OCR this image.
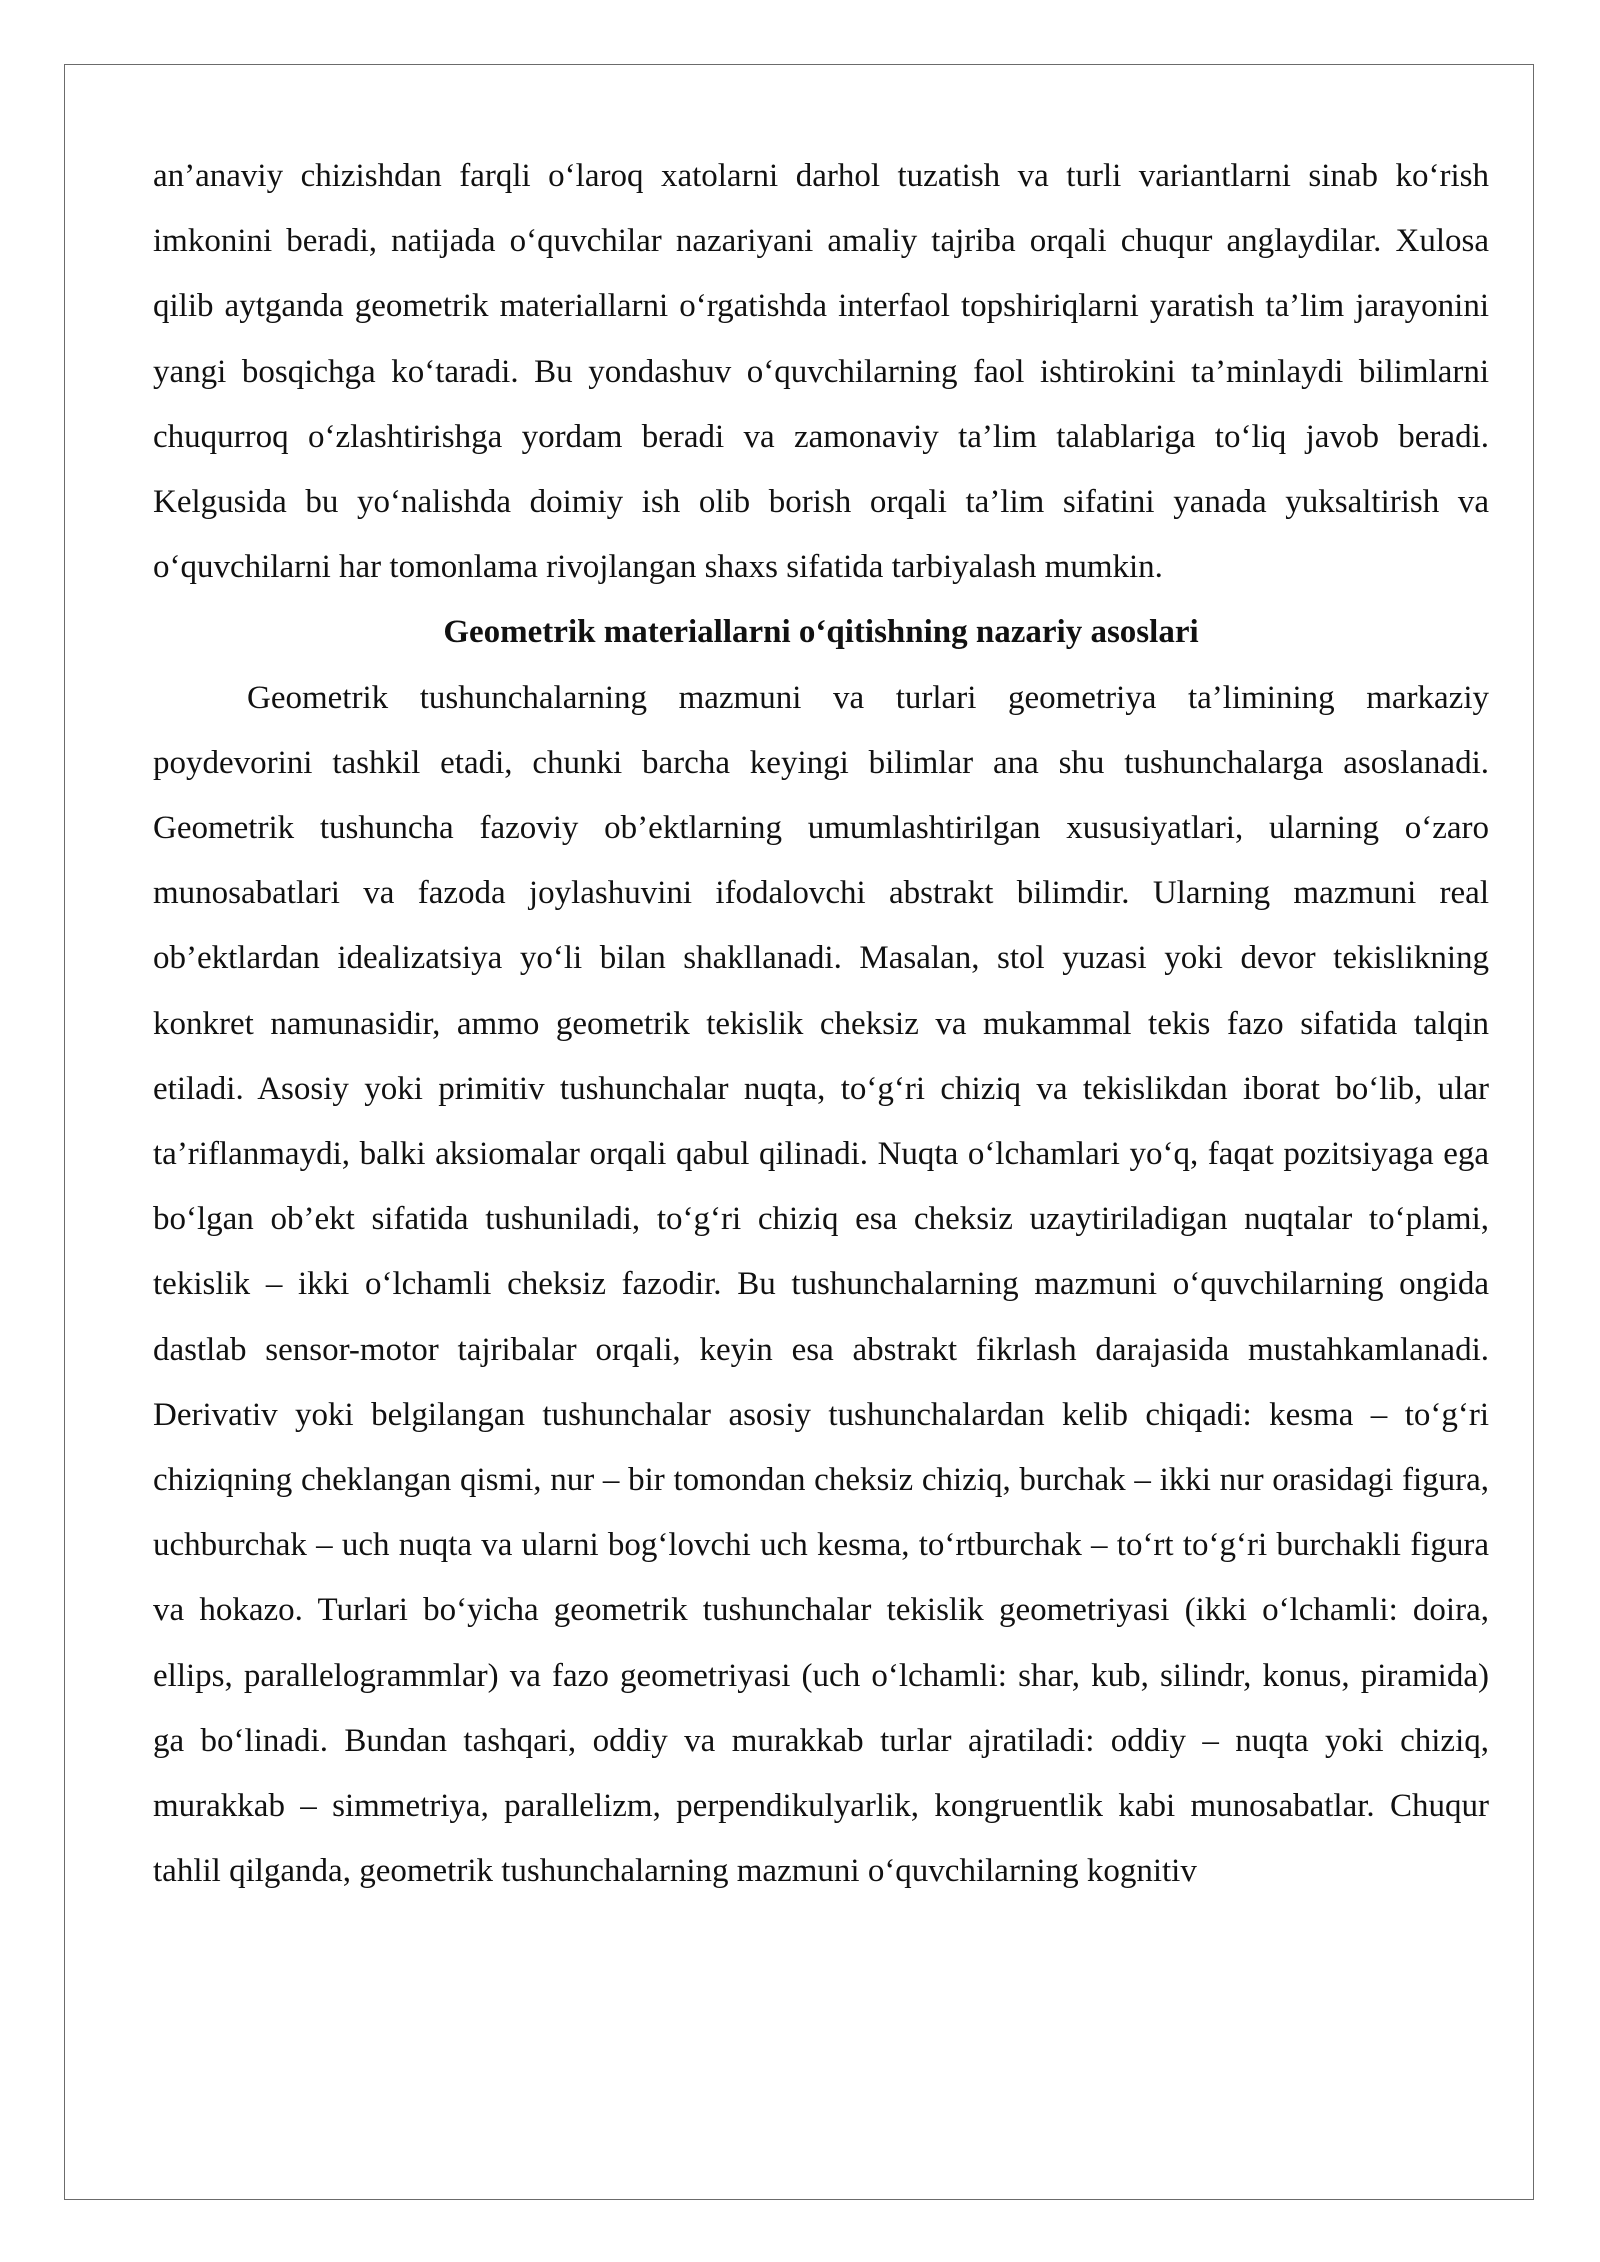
an’anaviy chizishdan farqli o‘laroq xatolarni darhol tuzatish va turli variantlarni sinab ko‘rish imkonini beradi, natijada o‘quvchilar nazariyani amaliy tajriba orqali chuqur anglaydilar. Xulosa qilib aytganda geometrik materiallarni o‘rgatishda interfaol topshiriqlarni yaratish ta’lim jarayonini yangi bosqichga ko‘taradi. Bu yondashuv o‘quvchilarning faol ishtirokini ta’minlaydi bilimlarni chuqurroq o‘zlashtirishga yordam beradi va zamonaviy ta’lim talablariga to‘liq javob beradi. Kelgusida bu yo‘nalishda doimiy ish olib borish orqali ta’lim sifatini yanada yuksaltirish va o‘quvchilarni har tomonlama rivojlangan shaxs sifatida tarbiyalash mumkin.

Geometrik materiallarni o‘qitishning nazariy asoslari

Geometrik tushunchalarning mazmuni va turlari geometriya ta’limining markaziy poydevorini tashkil etadi, chunki barcha keyingi bilimlar ana shu tushunchalarga asoslanadi. Geometrik tushuncha fazoviy ob’ektlarning umumlashtirilgan xususiyatlari, ularning o‘zaro munosabatlari va fazoda joylashuvini ifodalovchi abstrakt bilimdir. Ularning mazmuni real ob’ektlardan idealizatsiya yo‘li bilan shakllanadi. Masalan, stol yuzasi yoki devor tekislikning konkret namunasidir, ammo geometrik tekislik cheksiz va mukammal tekis fazo sifatida talqin etiladi. Asosiy yoki primitiv tushunchalar nuqta, to‘g‘ri chiziq va tekislikdan iborat bo‘lib, ular ta’riflanmaydi, balki aksiomalar orqali qabul qilinadi. Nuqta o‘lchamlari yo‘q, faqat pozitsiyaga ega bo‘lgan ob’ekt sifatida tushuniladi, to‘g‘ri chiziq esa cheksiz uzaytiriladigan nuqtalar to‘plami, tekislik – ikki o‘lchamli cheksiz fazodir. Bu tushunchalarning mazmuni o‘quvchilarning ongida dastlab sensor-motor tajribalar orqali, keyin esa abstrakt fikrlash darajasida mustahkamlanadi. Derivativ yoki belgilangan tushunchalar asosiy tushunchalardan kelib chiqadi: kesma – to‘g‘ri chiziqning cheklangan qismi, nur – bir tomondan cheksiz chiziq, burchak – ikki nur orasidagi figura, uchburchak – uch nuqta va ularni bog‘lovchi uch kesma, to‘rtburchak – to‘rt to‘g‘ri burchakli figura va hokazo. Turlari bo‘yicha geometrik tushunchalar tekislik geometriyasi (ikki o‘lchamli: doira, ellips, parallelogrammlar) va fazo geometriyasi (uch o‘lchamli: shar, kub, silindr, konus, piramida) ga bo‘linadi. Bundan tashqari, oddiy va murakkab turlar ajratiladi: oddiy – nuqta yoki chiziq, murakkab – simmetriya, parallelizm, perpendikulyarlik, kongruentlik kabi munosabatlar. Chuqur tahlil qilganda, geometrik tushunchalarning mazmuni o‘quvchilarning kognitiv
